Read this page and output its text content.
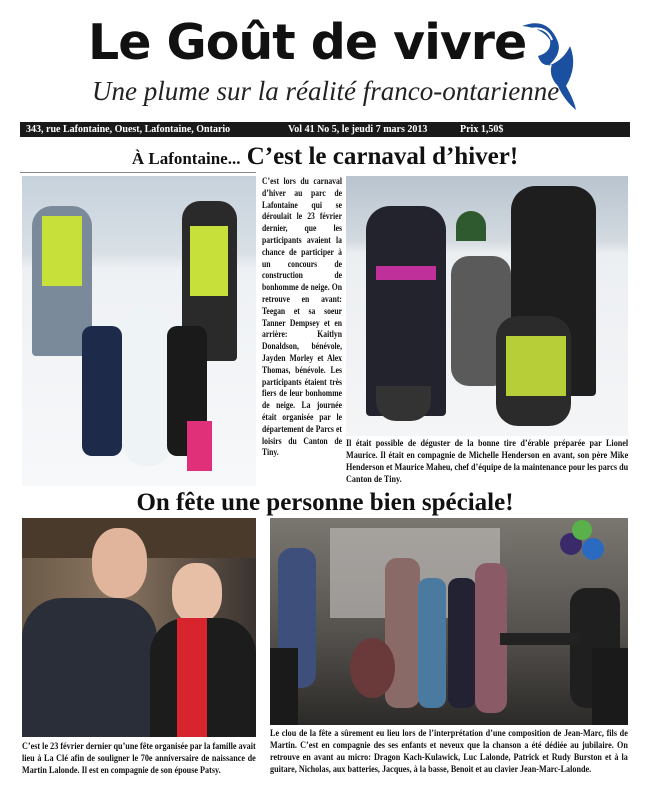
Le Goût de vivre
Une plume sur la réalité franco-ontarienne
343, rue Lafontaine, Ouest, Lafontaine, Ontario	Vol 41 No 5, le jeudi 7 mars 2013	Prix 1,50$
À Lafontaine... C’est le carnaval d’hiver!
C’est lors du carnaval d’hiver au parc de Lafontaine qui se déroulait le 23 février dernier, que les participants avaient la chance de participer à un concours de construction de bonhomme de neige. On retrouve en avant: Teegan et sa soeur Tanner Dempsey et en arrière: Kaitlyn Donaldson, bénévole, Jayden Morley et Alex Thomas, bénévole. Les participants étaient très fiers de leur bonhomme de neige. La journée était organisée par le département de Parcs et loisirs du Canton de Tiny.
Il était possible de déguster de la bonne tire d’érable préparée par Lionel Maurice. Il était en compagnie de Michelle Henderson en avant, son père Mike Henderson et Maurice Maheu, chef d’équipe de la maintenance pour les parcs du Canton de Tiny.
On fête une personne bien spéciale!
C’est le 23 février dernier qu’une fête organisée par la famille avait lieu à La Clé afin de souligner le 70e anniversaire de naissance de Martin Lalonde. Il est en compagnie de son épouse Patsy.
Le clou de la fête a sûrement eu lieu lors de l’interprétation d’une composition de Jean-Marc, fils de Martin. C’est en compagnie des ses enfants et neveux que la chanson a été dédiée au jubilaire. On retrouve en avant au micro: Dragon Kach-Kulawick, Luc Lalonde, Patrick et Rudy Burston et à la guitare, Nicholas, aux batteries, Jacques, à la basse, Benoit et au clavier Jean-Marc-Lalonde.
